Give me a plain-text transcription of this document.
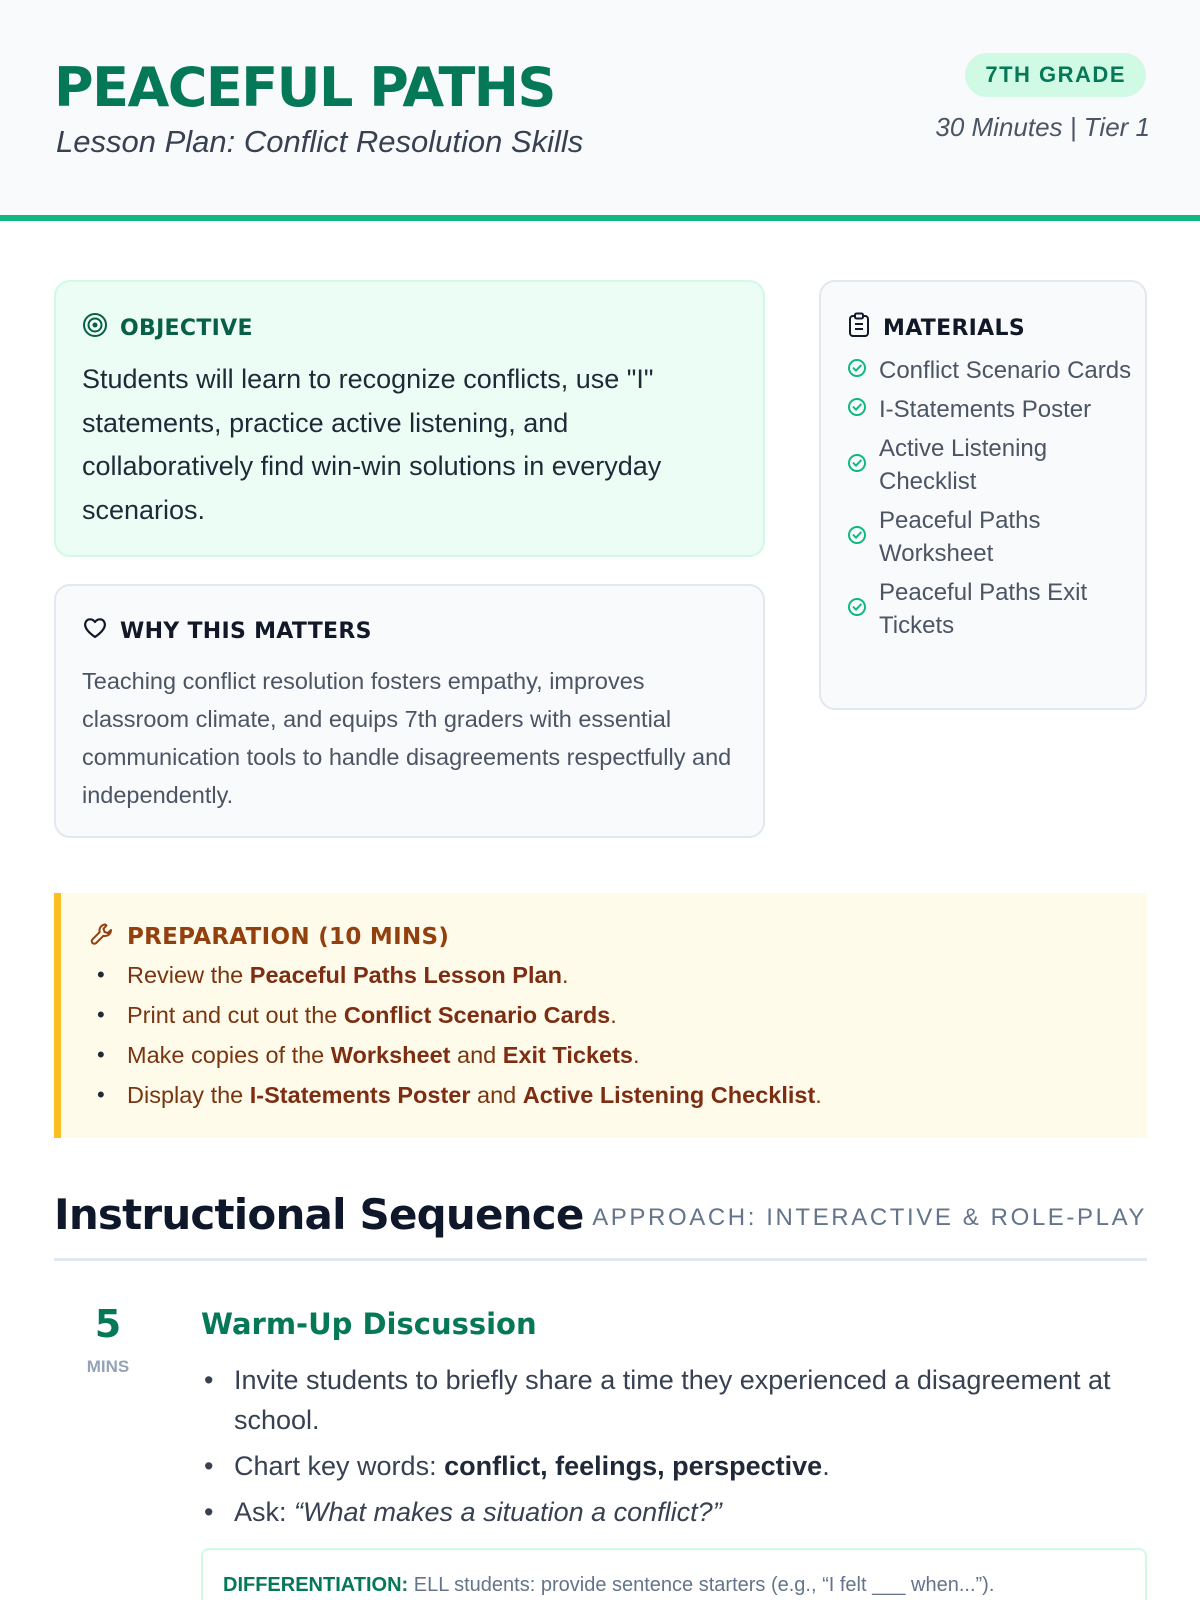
PEACEFUL PATHS
Lesson Plan: Conflict Resolution Skills
7TH GRADE
30 Minutes | Tier 1
OBJECTIVE
Students will learn to recognize conflicts, use "I" statements, practice active listening, and collaboratively find win-win solutions in everyday scenarios.
WHY THIS MATTERS
Teaching conflict resolution fosters empathy, improves classroom climate, and equips 7th graders with essential communication tools to handle disagreements respectfully and independently.
MATERIALS
Conflict Scenario Cards
I-Statements Poster
Active Listening Checklist
Peaceful Paths Worksheet
Peaceful Paths Exit Tickets
PREPARATION (10 MINS)
• Review the Peaceful Paths Lesson Plan.
• Print and cut out the Conflict Scenario Cards.
• Make copies of the Worksheet and Exit Tickets.
• Display the I-Statements Poster and Active Listening Checklist.
Instructional Sequence APPROACH: INTERACTIVE & ROLE-PLAY
5
MINS
Warm-Up Discussion
• Invite students to briefly share a time they experienced a disagreement at school.
• Chart key words: conflict, feelings, perspective.
• Ask: “What makes a situation a conflict?”
DIFFERENTIATION: ELL students: provide sentence starters (e.g., “I felt ___ when...”).
